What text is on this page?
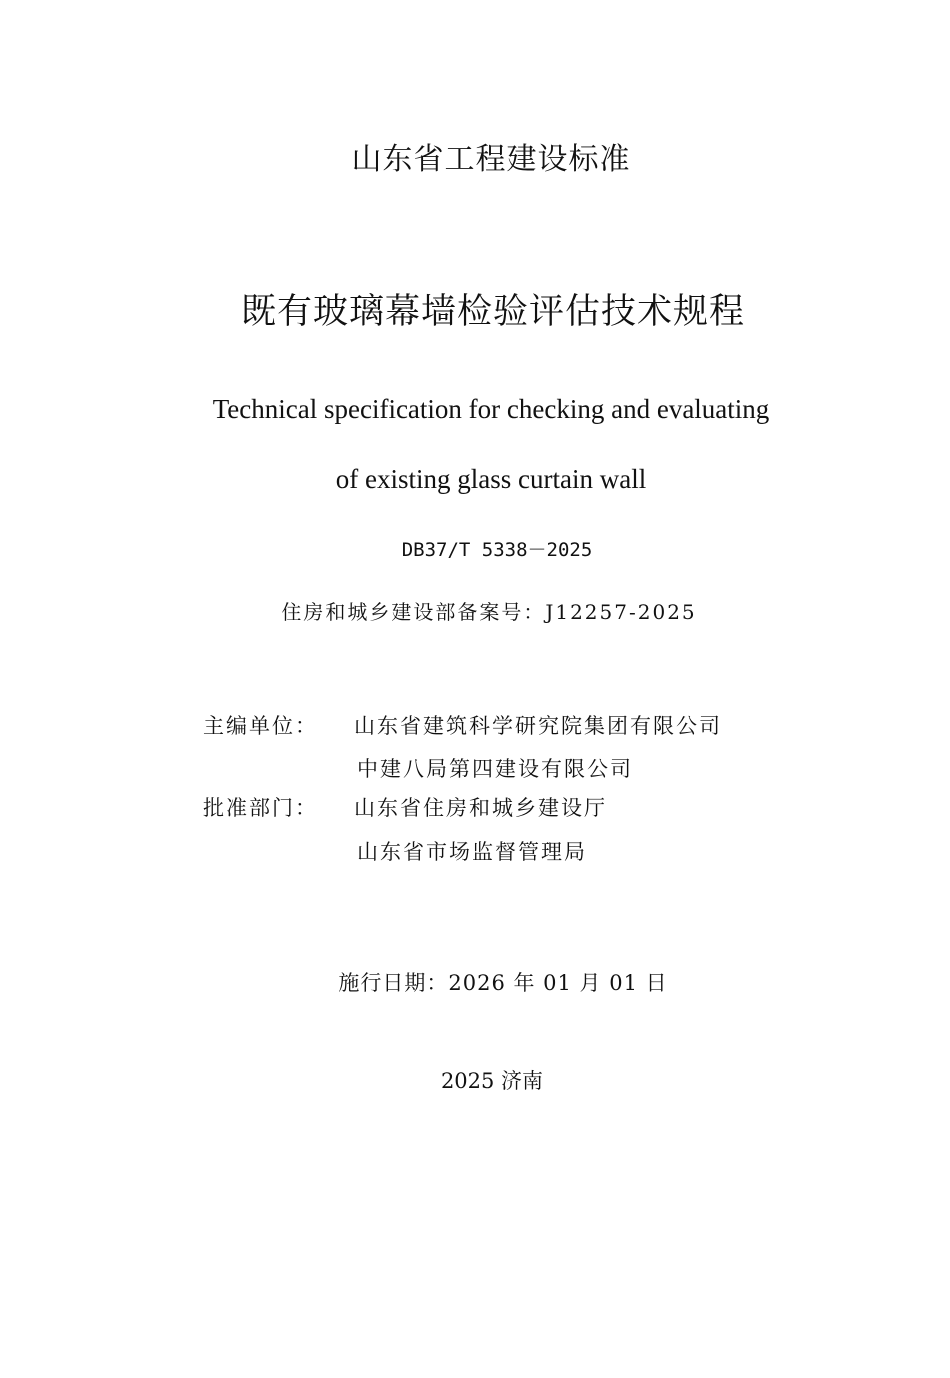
山东省工程建设标准
既有玻璃幕墙检验评估技术规程
Technical specification for checking and evaluating
of existing glass curtain wall
DB37/T 5338－2025
住房和城乡建设部备案号：J12257-2025
主编单位： 山东省建筑科学研究院集团有限公司
中建八局第四建设有限公司
批准部门： 山东省住房和城乡建设厅
山东省市场监督管理局
施行日期：2026 年 01 月 01 日
2025 济南
